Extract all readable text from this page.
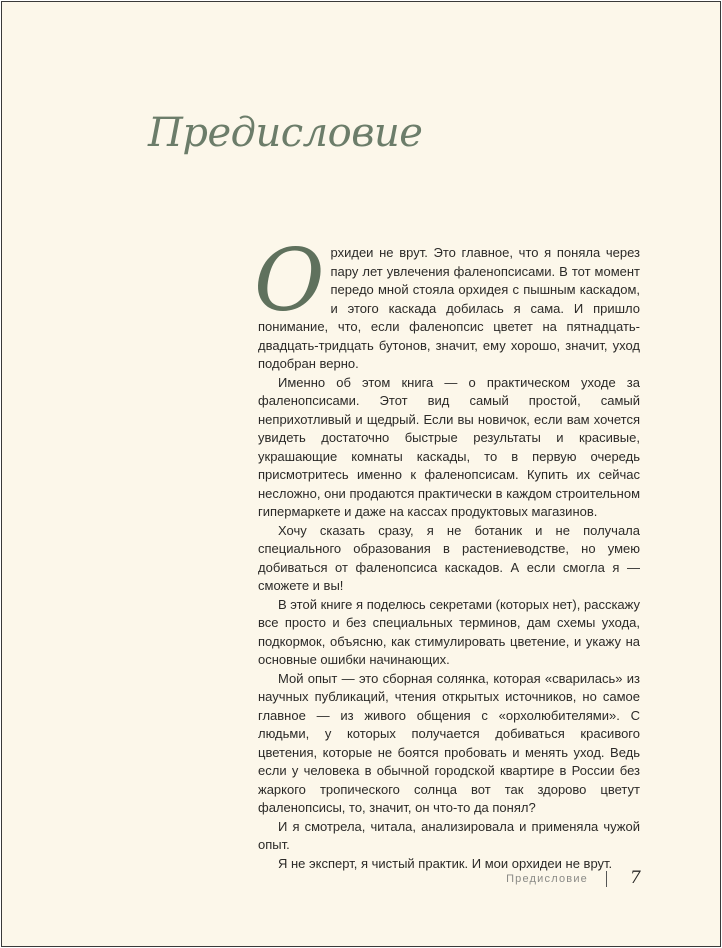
Предисловие

Орхидеи не врут. Это главное, что я поняла через пару лет увлечения фаленопсисами. В тот момент передо мной стояла орхидея с пышным каскадом, и этого каскада добилась я сама. И пришло понимание, что, если фаленопсис цветет на пятнадцать-двадцать-тридцать бутонов, значит, ему хорошо, значит, уход подобран верно.

Именно об этом книга — о практическом уходе за фаленопсисами. Этот вид самый простой, самый неприхотливый и щедрый. Если вы новичок, если вам хочется увидеть достаточно быстрые результаты и красивые, украшающие комнаты каскады, то в первую очередь присмотритесь именно к фаленопсисам. Купить их сейчас несложно, они продаются практически в каждом строительном гипермаркете и даже на кассах продуктовых магазинов.

Хочу сказать сразу, я не ботаник и не получала специального образования в растениеводстве, но умею добиваться от фаленопсиса каскадов. А если смогла я — сможете и вы!

В этой книге я поделюсь секретами (которых нет), расскажу все просто и без специальных терминов, дам схемы ухода, подкормок, объясню, как стимулировать цветение, и укажу на основные ошибки начинающих.

Мой опыт — это сборная солянка, которая «сварилась» из научных публикаций, чтения открытых источников, но самое главное — из живого общения с «орхолюбителями». С людьми, у которых получается добиваться красивого цветения, которые не боятся пробовать и менять уход. Ведь если у человека в обычной городской квартире в России без жаркого тропического солнца вот так здорово цветут фаленопсисы, то, значит, он что-то да понял?

И я смотрела, читала, анализировала и применяла чужой опыт.

Я не эксперт, я чистый практик. И мои орхидеи не врут.

Предисловие 7
